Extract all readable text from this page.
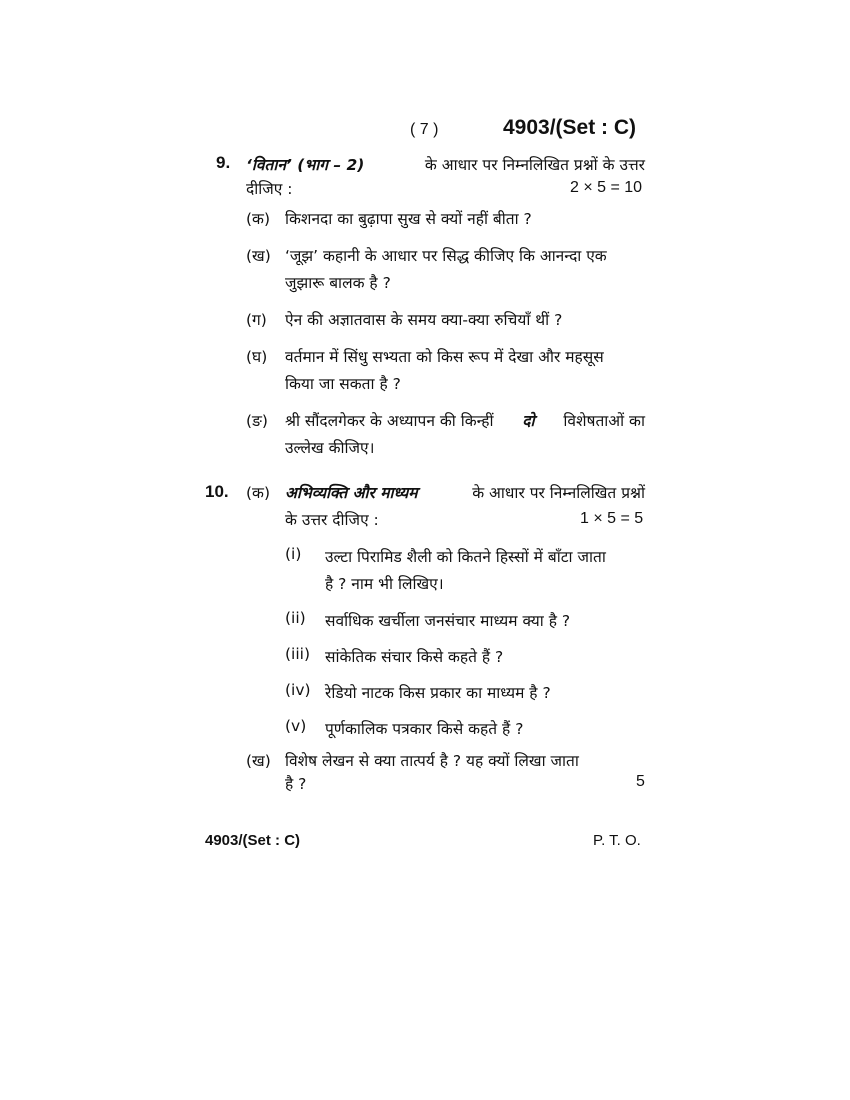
( 7 )	4903/(Set : C)
9. ‘वितान’ (भाग – 2)	के आधार पर निम्नलिखित प्रश्नों के उत्तर
दीजिए :	2 × 5 = 10
(क) किशनदा का बुढ़ापा सुख से क्यों नहीं बीता ?
(ख) ‘जूझ’ कहानी के आधार पर सिद्ध कीजिए कि आनन्दा एक
जुझारू बालक है ?
(ग) ऐन की अज्ञातवास के समय क्या-क्या रुचियाँ थीं ?
(घ) वर्तमान में सिंधु सभ्यता को किस रूप में देखा और महसूस
किया जा सकता है ?
(ङ) श्री सौंदलगेकर के अध्यापन की किन्हीं दो विशेषताओं का
उल्लेख कीजिए।
10. (क) अभिव्यक्ति और माध्यम	के आधार पर निम्नलिखित प्रश्नों
के उत्तर दीजिए :	1 × 5 = 5
(i) उल्टा पिरामिड शैली को कितने हिस्सों में बाँटा जाता
है ? नाम भी लिखिए।
(ii) सर्वाधिक खर्चीला जनसंचार माध्यम क्या है ?
(iii) सांकेतिक संचार किसे कहते हैं ?
(iv) रेडियो नाटक किस प्रकार का माध्यम है ?
(v) पूर्णकालिक पत्रकार किसे कहते हैं ?
(ख) विशेष लेखन से क्या तात्पर्य है ? यह क्यों लिखा जाता
है ?	5
4903/(Set : C)	P. T. O.
